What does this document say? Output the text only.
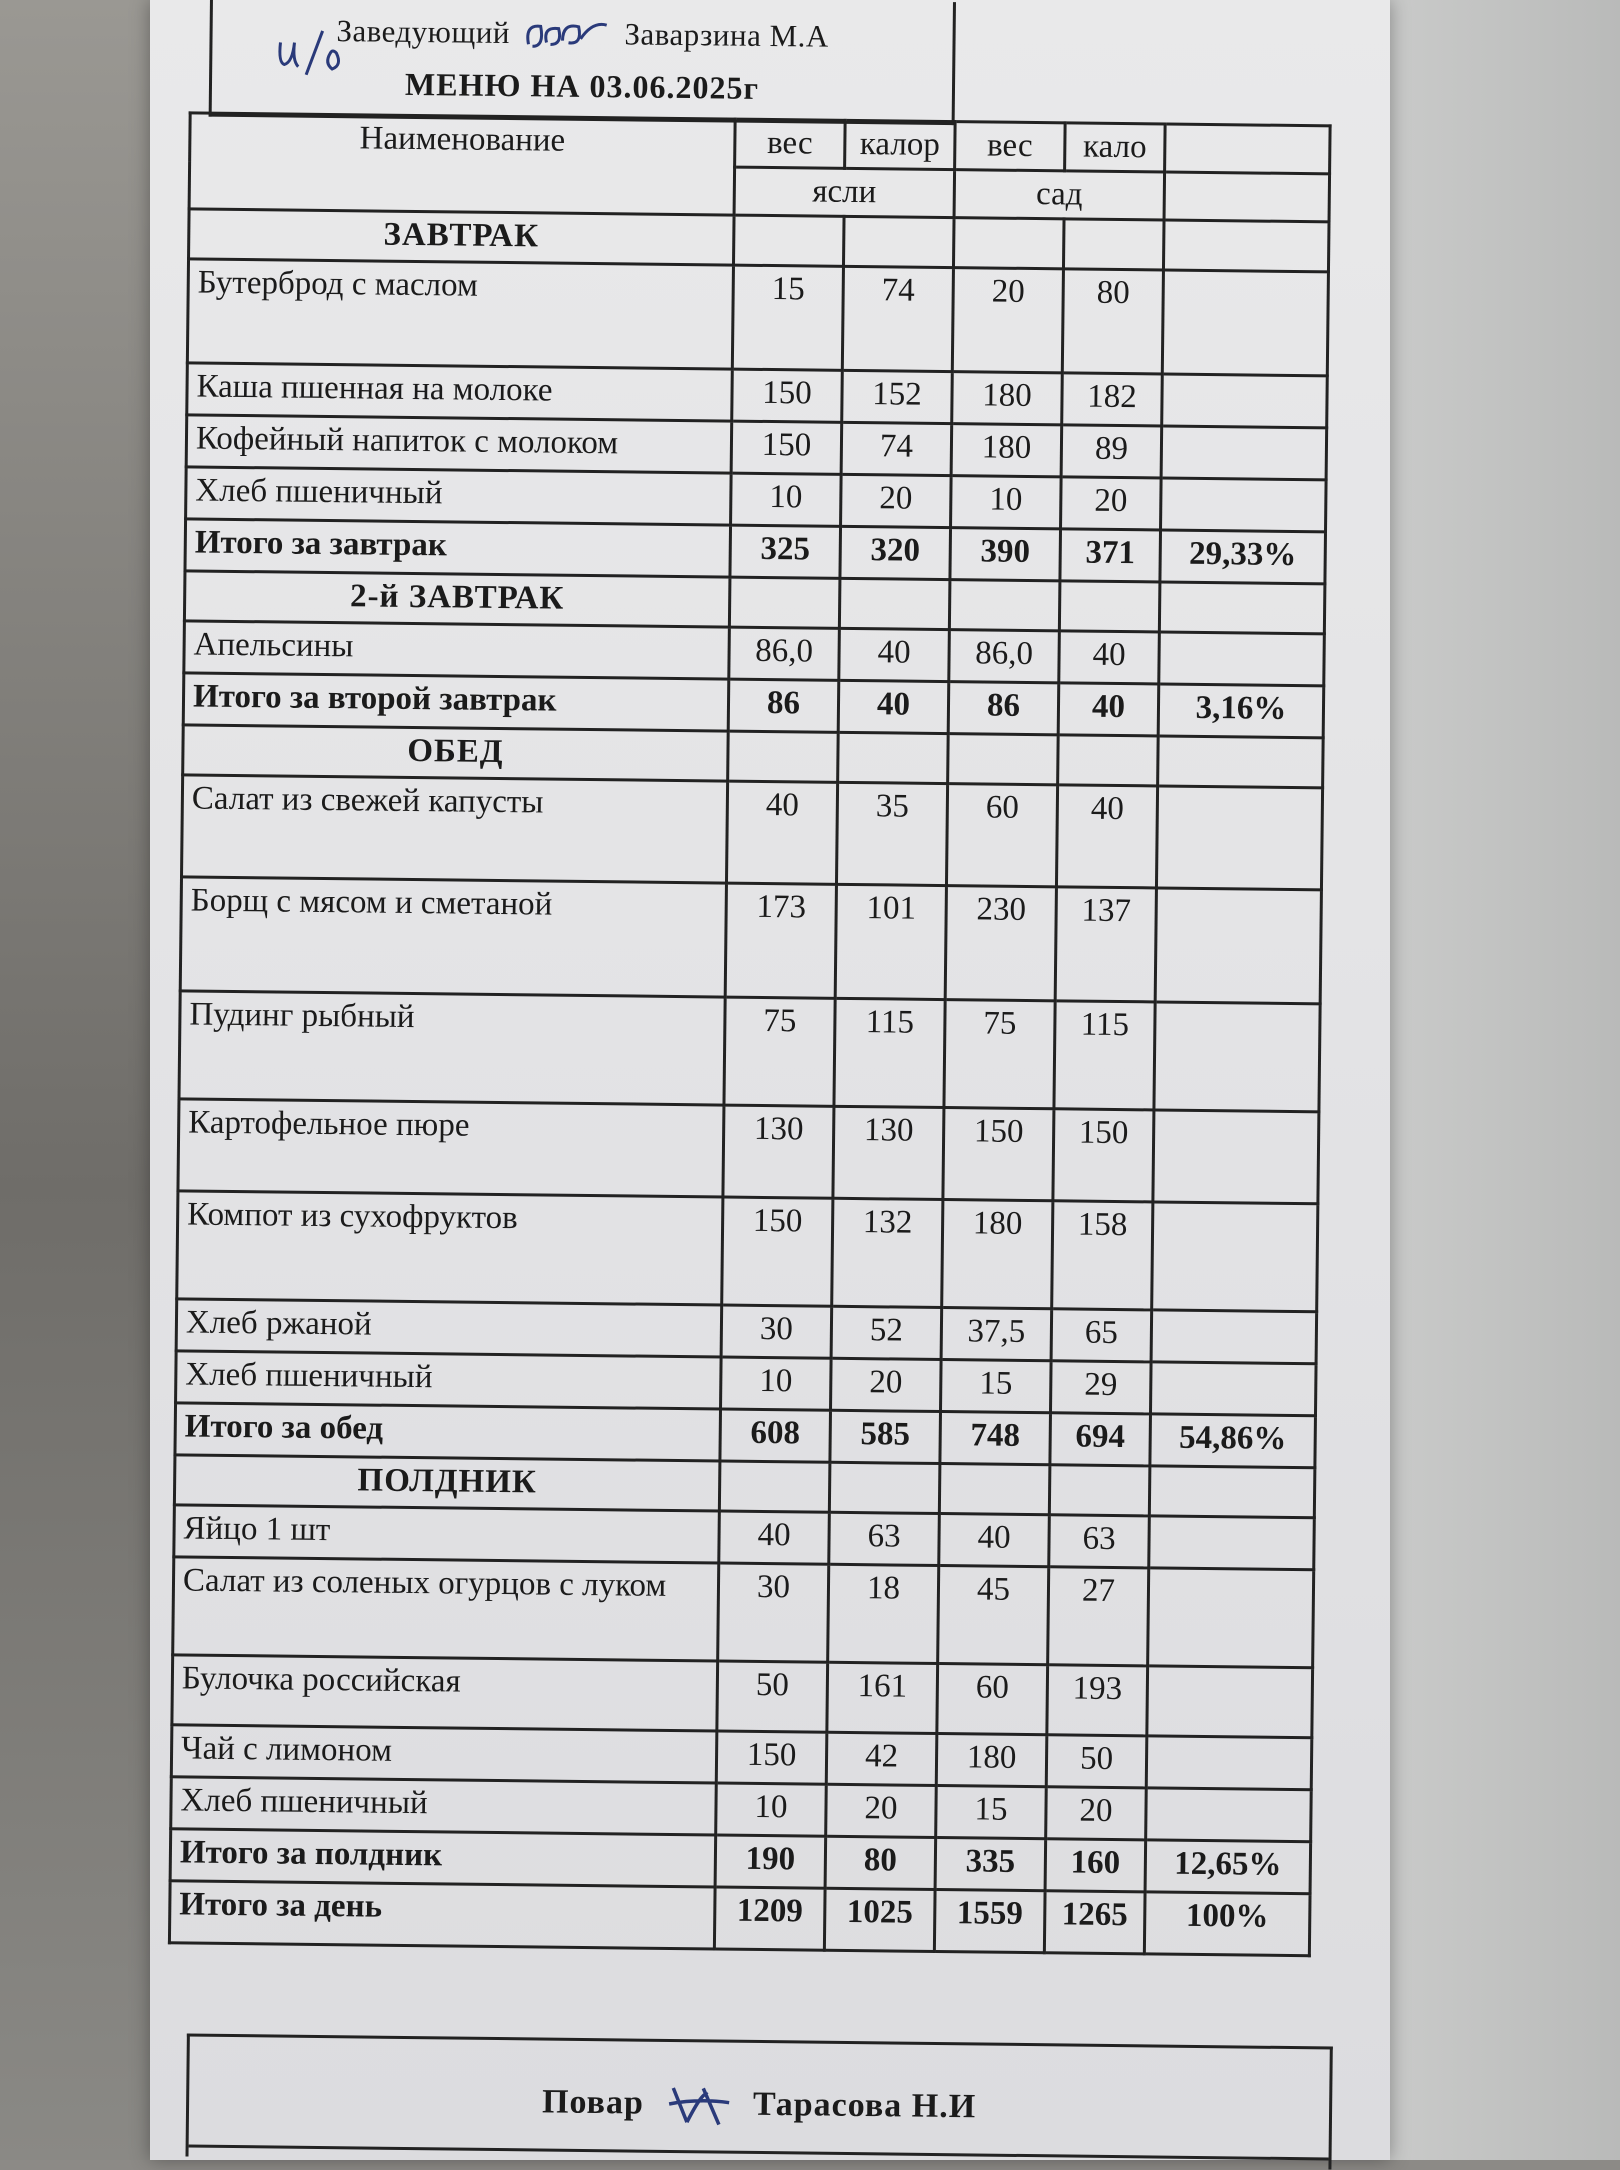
Заведующий	Заварзина М.А
МЕНЮ НА 03.06.2025г
Наименование	вес	калор	вес	кало	
	ясли		сад		
ЗАВТРАК					
Бутерброд с маслом	15	74	20	80	
Каша пшенная на молоке	150	152	180	182	
Кофейный напиток с молоком	150	74	180	89	
Хлеб пшеничный	10	20	10	20	
Итого за завтрак	325	320	390	371	29,33%
2-й ЗАВТРАК					
Апельсины	86,0	40	86,0	40	
Итого за второй завтрак	86	40	86	40	3,16%
ОБЕД					
Салат из свежей капусты	40	35	60	40	
Борщ с мясом и сметаной	173	101	230	137	
Пудинг рыбный	75	115	75	115	
Картофельное пюре	130	130	150	150	
Компот из сухофруктов	150	132	180	158	
Хлеб ржаной	30	52	37,5	65	
Хлеб пшеничный	10	20	15	29	
Итого за обед	608	585	748	694	54,86%
ПОЛДНИК					
Яйцо 1 шт	40	63	40	63	
Салат из соленых огурцов с луком	30	18	45	27	
Булочка российская	50	161	60	193	
Чай с лимоном	150	42	180	50	
Хлеб пшеничный	10	20	15	20	
Итого за полдник	190	80	335	160	12,65%
Итого за день	1209	1025	1559	1265	100%
Повар	Тарасова Н.И
